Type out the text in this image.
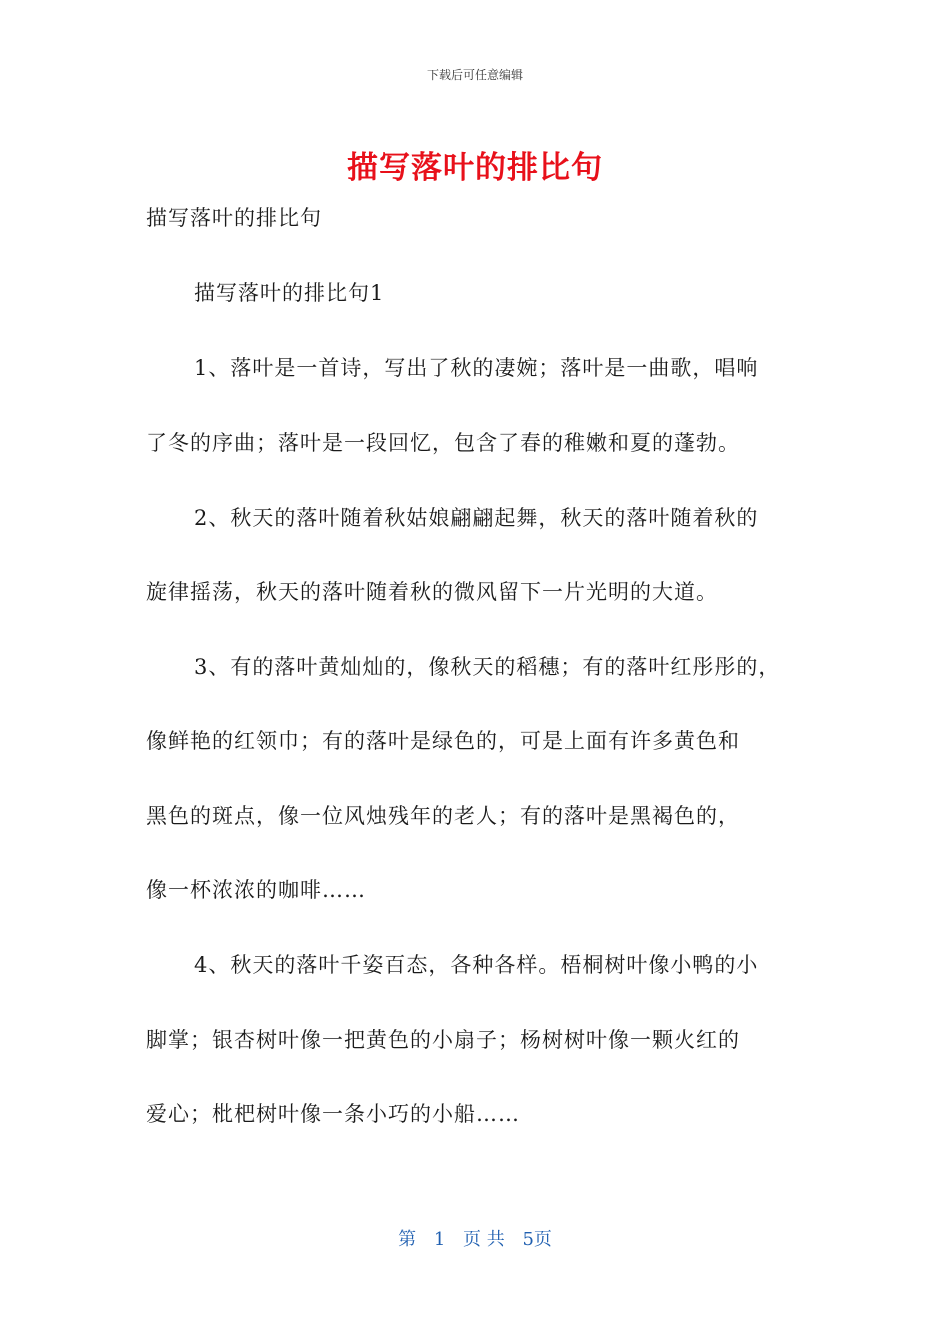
下载后可任意编辑
描写落叶的排比句
描写落叶的排比句
描写落叶的排比句1
1、落叶是一首诗，写出了秋的凄婉；落叶是一曲歌，唱响
了冬的序曲；落叶是一段回忆，包含了春的稚嫩和夏的蓬勃。
2、秋天的落叶随着秋姑娘翩翩起舞，秋天的落叶随着秋的
旋律摇荡，秋天的落叶随着秋的微风留下一片光明的大道。
3、有的落叶黄灿灿的，像秋天的稻穗；有的落叶红彤彤的，
像鲜艳的红领巾；有的落叶是绿色的，可是上面有许多黄色和
黑色的斑点，像一位风烛残年的老人；有的落叶是黑褐色的，
像一杯浓浓的咖啡……
4、秋天的落叶千姿百态，各种各样。梧桐树叶像小鸭的小
脚掌；银杏树叶像一把黄色的小扇子；杨树树叶像一颗火红的
爱心；枇杷树叶像一条小巧的小船……
第 1 页 共 5页
